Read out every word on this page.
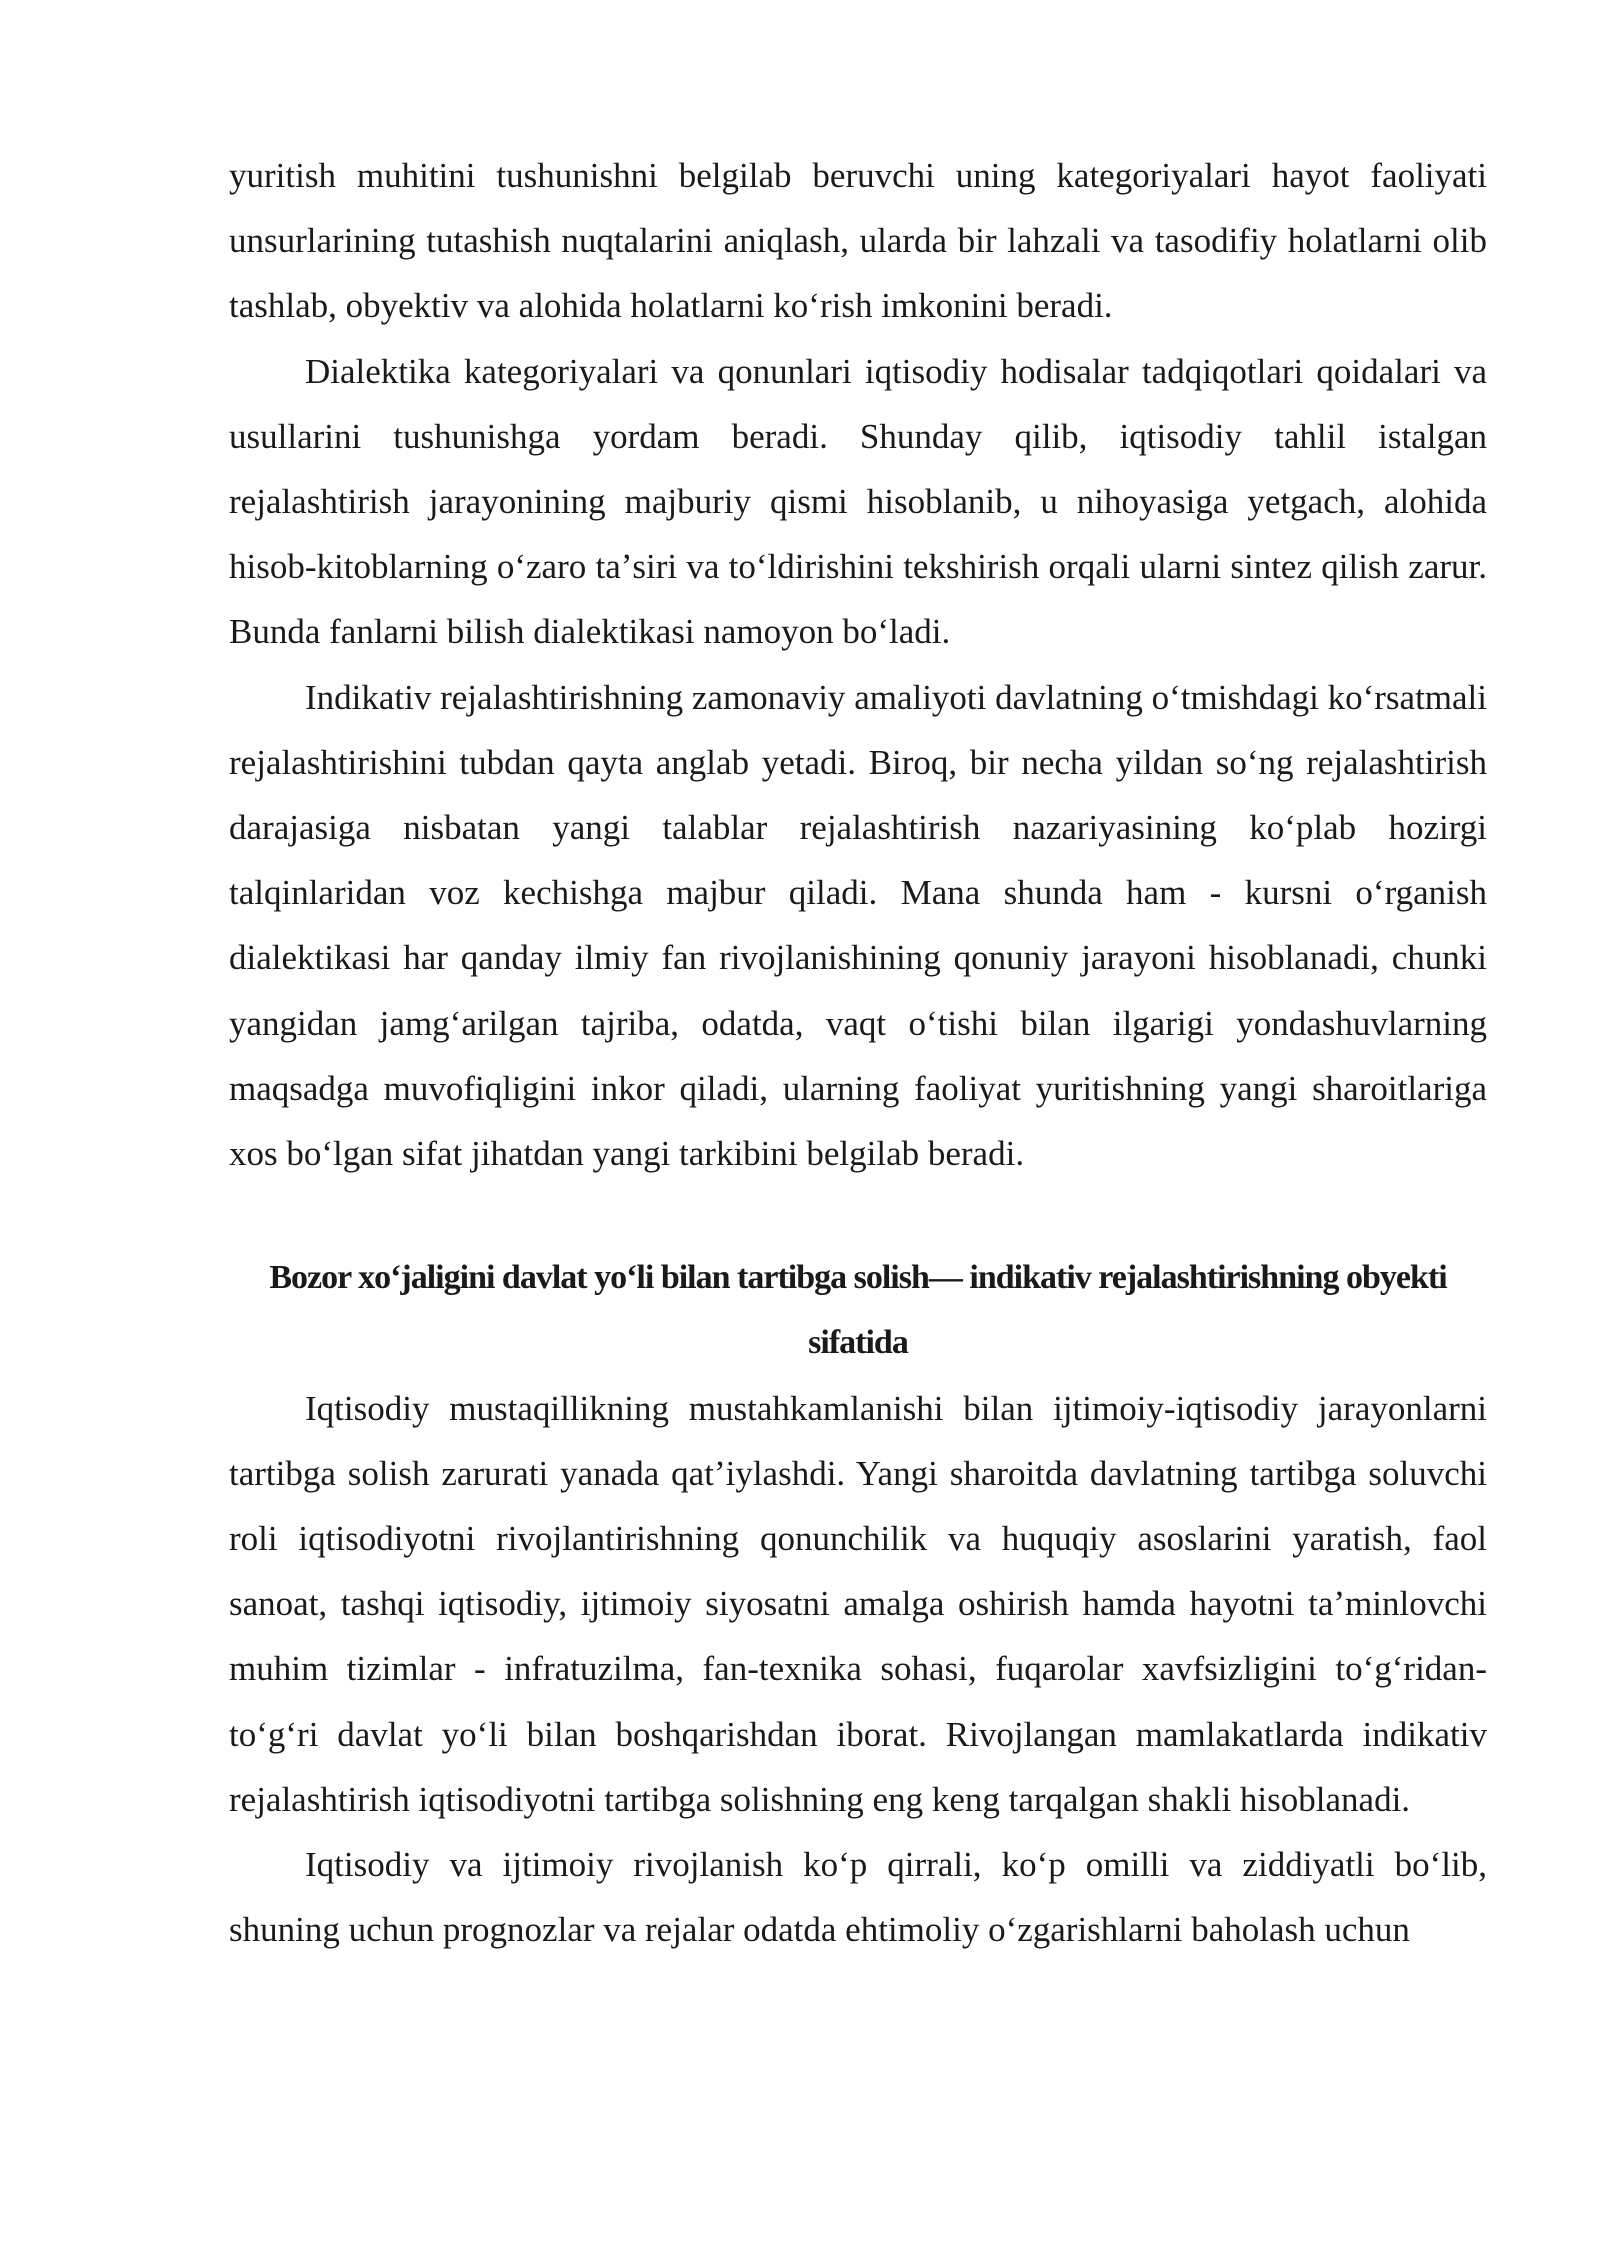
yuritish muhitini tushunishni belgilab beruvchi uning kategoriyalari hayot faoliyati unsurlarining tutashish nuqtalarini aniqlash, ularda bir lahzali va tasodifiy holatlarni olib tashlab, obyektiv va alohida holatlarni koʻrish imkonini beradi.

Dialektika kategoriyalari va qonunlari iqtisodiy hodisalar tadqiqotlari qoidalari va usullarini tushunishga yordam beradi. Shunday qilib, iqtisodiy tahlil istalgan rejalashtirish jarayonining majburiy qismi hisoblanib, u nihoyasiga yetgach, alohida hisob-kitoblarning oʻzaro taʼsiri va toʻldirishini tekshirish orqali ularni sintez qilish zarur. Bunda fanlarni bilish dialektikasi namoyon boʻladi.

Indikativ rejalashtirishning zamonaviy amaliyoti davlatning oʻtmishdagi koʻrsatmali rejalashtirishini tubdan qayta anglab yetadi. Biroq, bir necha yildan soʻng rejalashtirish darajasiga nisbatan yangi talablar rejalashtirish nazariyasining koʻplab hozirgi talqinlaridan voz kechishga majbur qiladi. Mana shunda ham - kursni oʻrganish dialektikasi har qanday ilmiy fan rivojlanishining qonuniy jarayoni hisoblanadi, chunki yangidan jamgʻarilgan tajriba, odatda, vaqt oʻtishi bilan ilgarigi yondashuvlarning maqsadga muvofiqligini inkor qiladi, ularning faoliyat yuritishning yangi sharoitlariga xos boʻlgan sifat jihatdan yangi tarkibini belgilab beradi.

Bozor xoʻjaligini davlat yoʻli bilan tartibga solish— indikativ rejalashtirishning obyekti sifatida

Iqtisodiy mustaqillikning mustahkamlanishi bilan ijtimoiy-iqtisodiy jarayonlarni tartibga solish zarurati yanada qatʼiylashdi. Yangi sharoitda davlatning tartibga soluvchi roli iqtisodiyotni rivojlantirishning qonunchilik va huquqiy asoslarini yaratish, faol sanoat, tashqi iqtisodiy, ijtimoiy siyosatni amalga oshirish hamda hayotni taʼminlovchi muhim tizimlar - infratuzilma, fan-texnika sohasi, fuqarolar xavfsizligini toʻgʻridan-toʻgʻri davlat yoʻli bilan boshqarishdan iborat. Rivojlangan mamlakatlarda indikativ rejalashtirish iqtisodiyotni tartibga solishning eng keng tarqalgan shakli hisoblanadi.

Iqtisodiy va ijtimoiy rivojlanish koʻp qirrali, koʻp omilli va ziddiyatli boʻlib, shuning uchun prognozlar va rejalar odatda ehtimoliy oʻzgarishlarni baholash uchun
